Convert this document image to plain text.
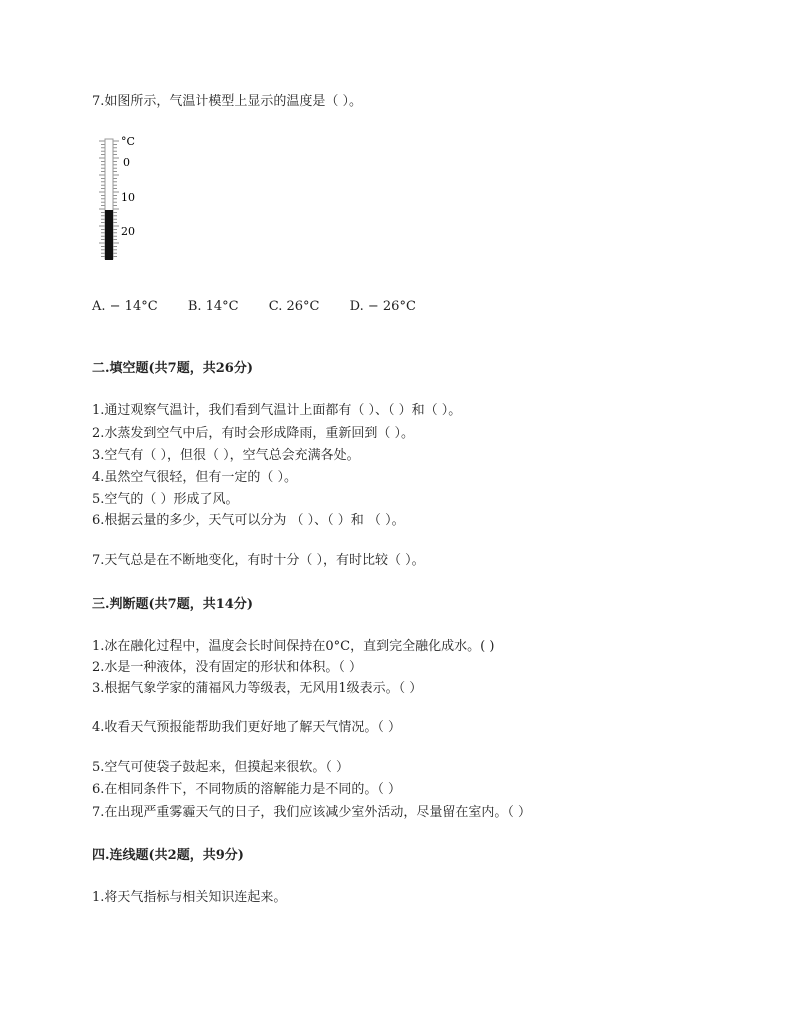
7.如图所示，气温计模型上显示的温度是（ ）。
°C
0
10
20
A. − 14°C B. 14°C C. 26°C D. − 26°C
二.填空题(共7题，共26分)
1.通过观察气温计，我们看到气温计上面都有（ ）、（ ）和（ ）。
2.水蒸发到空气中后，有时会形成降雨，重新回到（ ）。
3.空气有（ ），但很（ ），空气总会充满各处。
4.虽然空气很轻，但有一定的（ ）。
5.空气的（ ）形成了风。
6.根据云量的多少，天气可以分为 （ ）、（ ）和 （ ）。
7.天气总是在不断地变化，有时十分（ ），有时比较（ ）。
三.判断题(共7题，共14分)
1.冰在融化过程中，温度会长时间保持在0°C，直到完全融化成水。( )
2.水是一种液体，没有固定的形状和体积。（ ）
3.根据气象学家的蒲福风力等级表，无风用1级表示。（ ）
4.收看天气预报能帮助我们更好地了解天气情况。（ ）
5.空气可使袋子鼓起来，但摸起来很软。（ ）
6.在相同条件下，不同物质的溶解能力是不同的。（ ）
7.在出现严重雾霾天气的日子，我们应该减少室外活动，尽量留在室内。（ ）
四.连线题(共2题，共9分)
1.将天气指标与相关知识连起来。
